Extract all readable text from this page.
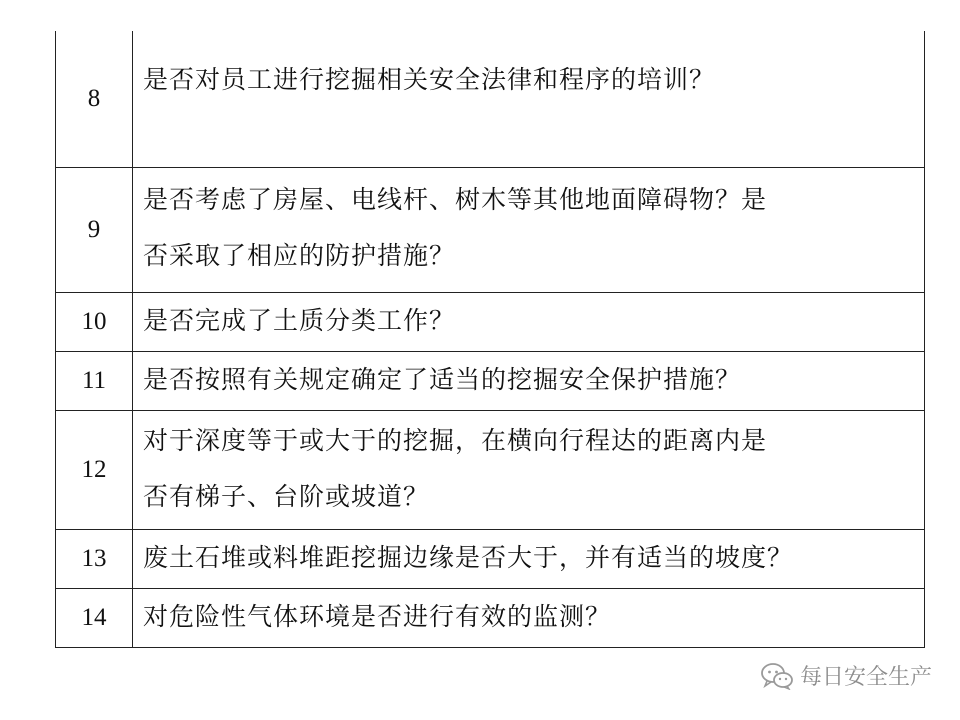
8	是否对员工进行挖掘相关安全法律和程序的培训？

9	是否考虑了房屋、电线杆、树木等其他地面障碍物？是
否采取了相应的防护措施？

10	是否完成了土质分类工作？

11	是否按照有关规定确定了适当的挖掘安全保护措施？

12	对于深度等于或大于的挖掘，在横向行程达的距离内是
否有梯子、台阶或坡道？

13	废土石堆或料堆距挖掘边缘是否大于，并有适当的坡度？

14	对危险性气体环境是否进行有效的监测？
每日安全生产
